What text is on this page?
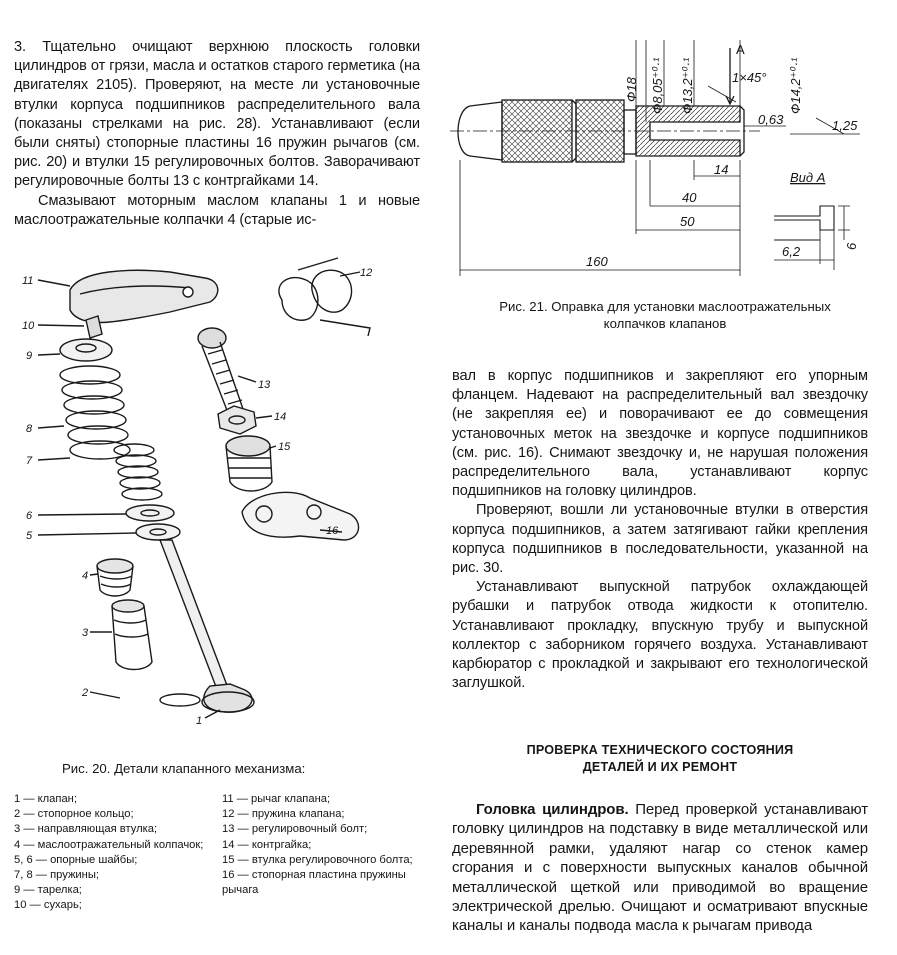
3. Тщательно очищают верхнюю плоскость головки цилиндров от грязи, масла и остатков старого герметика (на двигателях 2105). Проверяют, на месте ли установочные втулки корпуса подшипников распределительного вала (показаны стрелками на рис. 28). Устанавливают (если были сняты) стопорные пластины 16 пружин рычагов (см. рис. 20) и втулки 15 регулировочных болтов. Заворачивают регулировочные болты 13 с контргайками 14.

Смазывают моторным маслом клапаны 1 и новые маслоотражательные колпачки 4 (старые ис-

11
10
9
8
7
6
5
4
3
2
1
12
13
14
15
16
Рис. 20. Детали клапанного механизма:
1 — клапан;
2 — стопорное кольцо;
3 — направляющая втулка;
4 — маслоотражательный колпачок;
5, 6 — опорные шайбы;
7, 8 — пружины;
9 — тарелка;
10 — сухарь;
11 — рычаг клапана;
12 — пружина клапана;
13 — регулировочный болт;
14 — контргайка;
15 — втулка регулировочного болта;
16 — стопорная пластина пружины рычага
Ф18 Ф8,05⁺⁰·¹ Ф13,2⁺⁰·¹	Ф14,2⁺⁰·¹
1×45°
А
0,63	1,25
14
40
50
160
Вид А
6,2	6
Рис. 21. Оправка для установки маслоотражательных
колпачков клапанов

вал в корпус подшипников и закрепляют его упорным фланцем. Надевают на распределительный вал звездочку (не закрепляя ее) и поворачивают ее до совмещения установочных меток на звездочке и корпусе подшипников (см. рис. 16). Снимают звездочку и, не нарушая положения распределительного вала, устанавливают корпус подшипников на головку цилиндров.

Проверяют, вошли ли установочные втулки в отверстия корпуса подшипников, а затем затягивают гайки крепления корпуса подшипников в последовательности, указанной на рис. 30.

Устанавливают выпускной патрубок охлаждающей рубашки и патрубок отвода жидкости к отопителю. Устанавливают прокладку, впускную трубу и выпускной коллектор с заборником горячего воздуха. Устанавливают карбюратор с прокладкой и закрывают его технологической заглушкой.

ПРОВЕРКА ТЕХНИЧЕСКОГО СОСТОЯНИЯ
ДЕТАЛЕЙ И ИХ РЕМОНТ

Головка цилиндров. Перед проверкой устанавливают головку цилиндров на подставку в виде металлической или деревянной рамки, удаляют нагар со стенок камер сгорания и с поверхности выпускных каналов обычной металлической щеткой или приводимой во вращение электрической дрелью. Очищают и осматривают впускные каналы и каналы подвода масла к рычагам привода
